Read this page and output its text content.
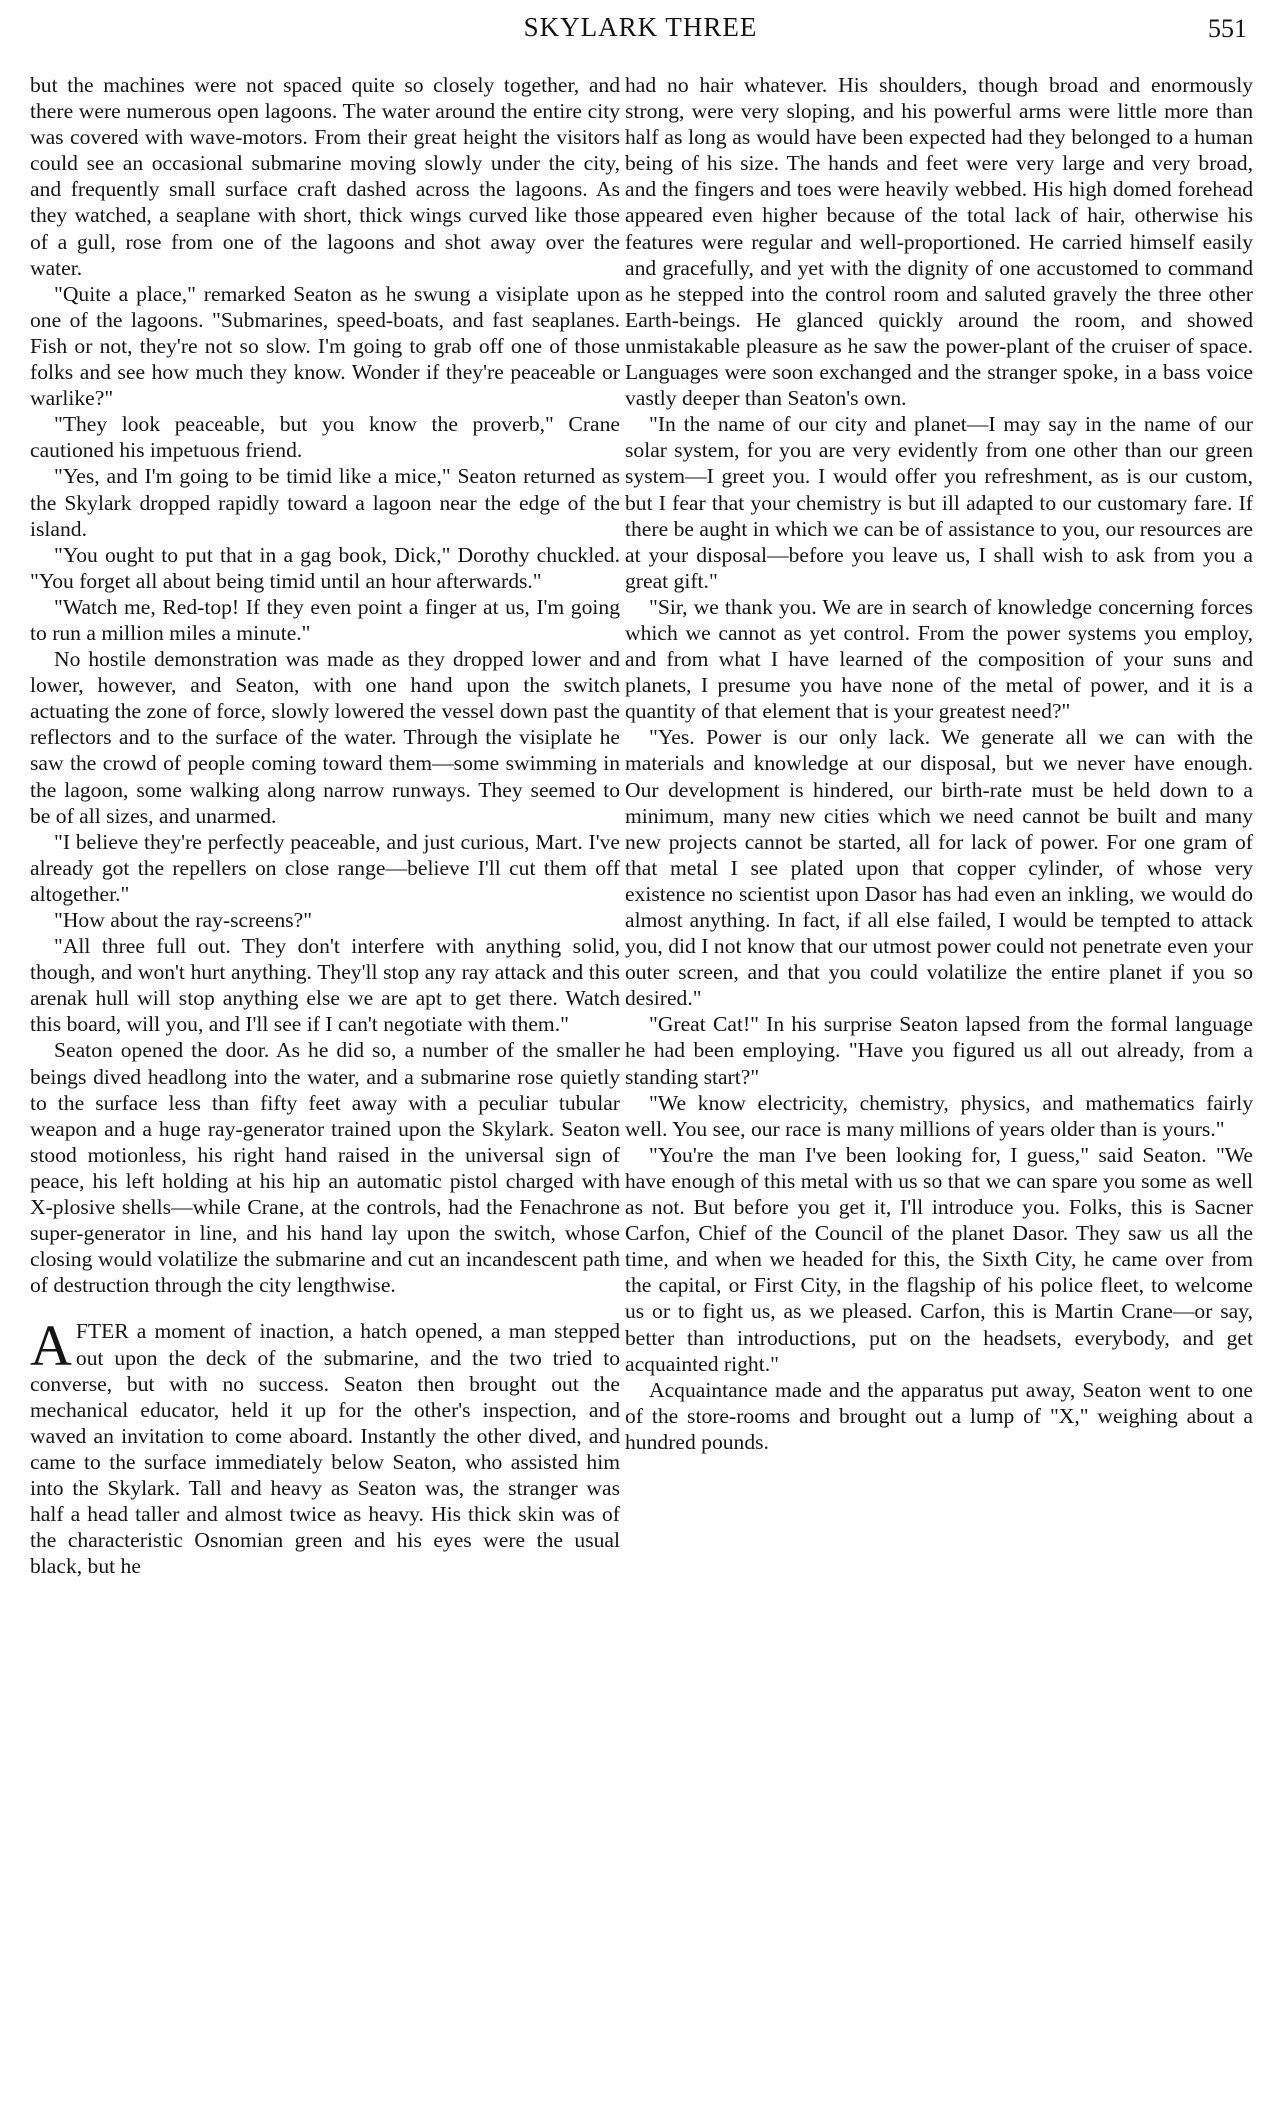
SKYLARK THREE	551

but the machines were not spaced quite so closely together, and there were numerous open lagoons. The water around the entire city was covered with wave-motors. From their great height the visitors could see an occasional submarine moving slowly under the city, and frequently small surface craft dashed across the lagoons. As they watched, a seaplane with short, thick wings curved like those of a gull, rose from one of the lagoons and shot away over the water.

"Quite a place," remarked Seaton as he swung a visiplate upon one of the lagoons. "Submarines, speed-boats, and fast seaplanes. Fish or not, they're not so slow. I'm going to grab off one of those folks and see how much they know. Wonder if they're peaceable or warlike?"

"They look peaceable, but you know the proverb," Crane cautioned his impetuous friend.

"Yes, and I'm going to be timid like a mice," Seaton returned as the Skylark dropped rapidly toward a lagoon near the edge of the island.

"You ought to put that in a gag book, Dick," Dorothy chuckled. "You forget all about being timid until an hour afterwards."

"Watch me, Red-top! If they even point a finger at us, I'm going to run a million miles a minute."

No hostile demonstration was made as they dropped lower and lower, however, and Seaton, with one hand upon the switch actuating the zone of force, slowly lowered the vessel down past the reflectors and to the surface of the water. Through the visiplate he saw the crowd of people coming toward them—some swimming in the lagoon, some walking along narrow runways. They seemed to be of all sizes, and unarmed.

"I believe they're perfectly peaceable, and just curious, Mart. I've already got the repellers on close range—believe I'll cut them off altogether."

"How about the ray-screens?"

"All three full out. They don't interfere with anything solid, though, and won't hurt anything. They'll stop any ray attack and this arenak hull will stop anything else we are apt to get there. Watch this board, will you, and I'll see if I can't negotiate with them."

Seaton opened the door. As he did so, a number of the smaller beings dived headlong into the water, and a submarine rose quietly to the surface less than fifty feet away with a peculiar tubular weapon and a huge ray-generator trained upon the Skylark. Seaton stood motionless, his right hand raised in the universal sign of peace, his left holding at his hip an automatic pistol charged with X-plosive shells—while Crane, at the controls, had the Fenachrone super-generator in line, and his hand lay upon the switch, whose closing would volatilize the submarine and cut an incandescent path of destruction through the city lengthwise.

AFTER a moment of inaction, a hatch opened, a man stepped out upon the deck of the submarine, and the two tried to converse, but with no success. Seaton then brought out the mechanical educator, held it up for the other's inspection, and waved an invitation to come aboard. Instantly the other dived, and came to the surface immediately below Seaton, who assisted him into the Skylark. Tall and heavy as Seaton was, the stranger was half a head taller and almost twice as heavy. His thick skin was of the characteristic Osnomian green and his eyes were the usual black, but he

had no hair whatever. His shoulders, though broad and enormously strong, were very sloping, and his powerful arms were little more than half as long as would have been expected had they belonged to a human being of his size. The hands and feet were very large and very broad, and the fingers and toes were heavily webbed. His high domed forehead appeared even higher because of the total lack of hair, otherwise his features were regular and well-proportioned. He carried himself easily and gracefully, and yet with the dignity of one accustomed to command as he stepped into the control room and saluted gravely the three other Earth-beings. He glanced quickly around the room, and showed unmistakable pleasure as he saw the power-plant of the cruiser of space. Languages were soon exchanged and the stranger spoke, in a bass voice vastly deeper than Seaton's own.

"In the name of our city and planet—I may say in the name of our solar system, for you are very evidently from one other than our green system—I greet you. I would offer you refreshment, as is our custom, but I fear that your chemistry is but ill adapted to our customary fare. If there be aught in which we can be of assistance to you, our resources are at your disposal—before you leave us, I shall wish to ask from you a great gift."

"Sir, we thank you. We are in search of knowledge concerning forces which we cannot as yet control. From the power systems you employ, and from what I have learned of the composition of your suns and planets, I presume you have none of the metal of power, and it is a quantity of that element that is your greatest need?"

"Yes. Power is our only lack. We generate all we can with the materials and knowledge at our disposal, but we never have enough. Our development is hindered, our birth-rate must be held down to a minimum, many new cities which we need cannot be built and many new projects cannot be started, all for lack of power. For one gram of that metal I see plated upon that copper cylinder, of whose very existence no scientist upon Dasor has had even an inkling, we would do almost anything. In fact, if all else failed, I would be tempted to attack you, did I not know that our utmost power could not penetrate even your outer screen, and that you could volatilize the entire planet if you so desired."

"Great Cat!" In his surprise Seaton lapsed from the formal language he had been employing. "Have you figured us all out already, from a standing start?"

"We know electricity, chemistry, physics, and mathematics fairly well. You see, our race is many millions of years older than is yours."

"You're the man I've been looking for, I guess," said Seaton. "We have enough of this metal with us so that we can spare you some as well as not. But before you get it, I'll introduce you. Folks, this is Sacner Carfon, Chief of the Council of the planet Dasor. They saw us all the time, and when we headed for this, the Sixth City, he came over from the capital, or First City, in the flagship of his police fleet, to welcome us or to fight us, as we pleased. Carfon, this is Martin Crane—or say, better than introductions, put on the headsets, everybody, and get acquainted right."

Acquaintance made and the apparatus put away, Seaton went to one of the store-rooms and brought out a lump of "X," weighing about a hundred pounds.
